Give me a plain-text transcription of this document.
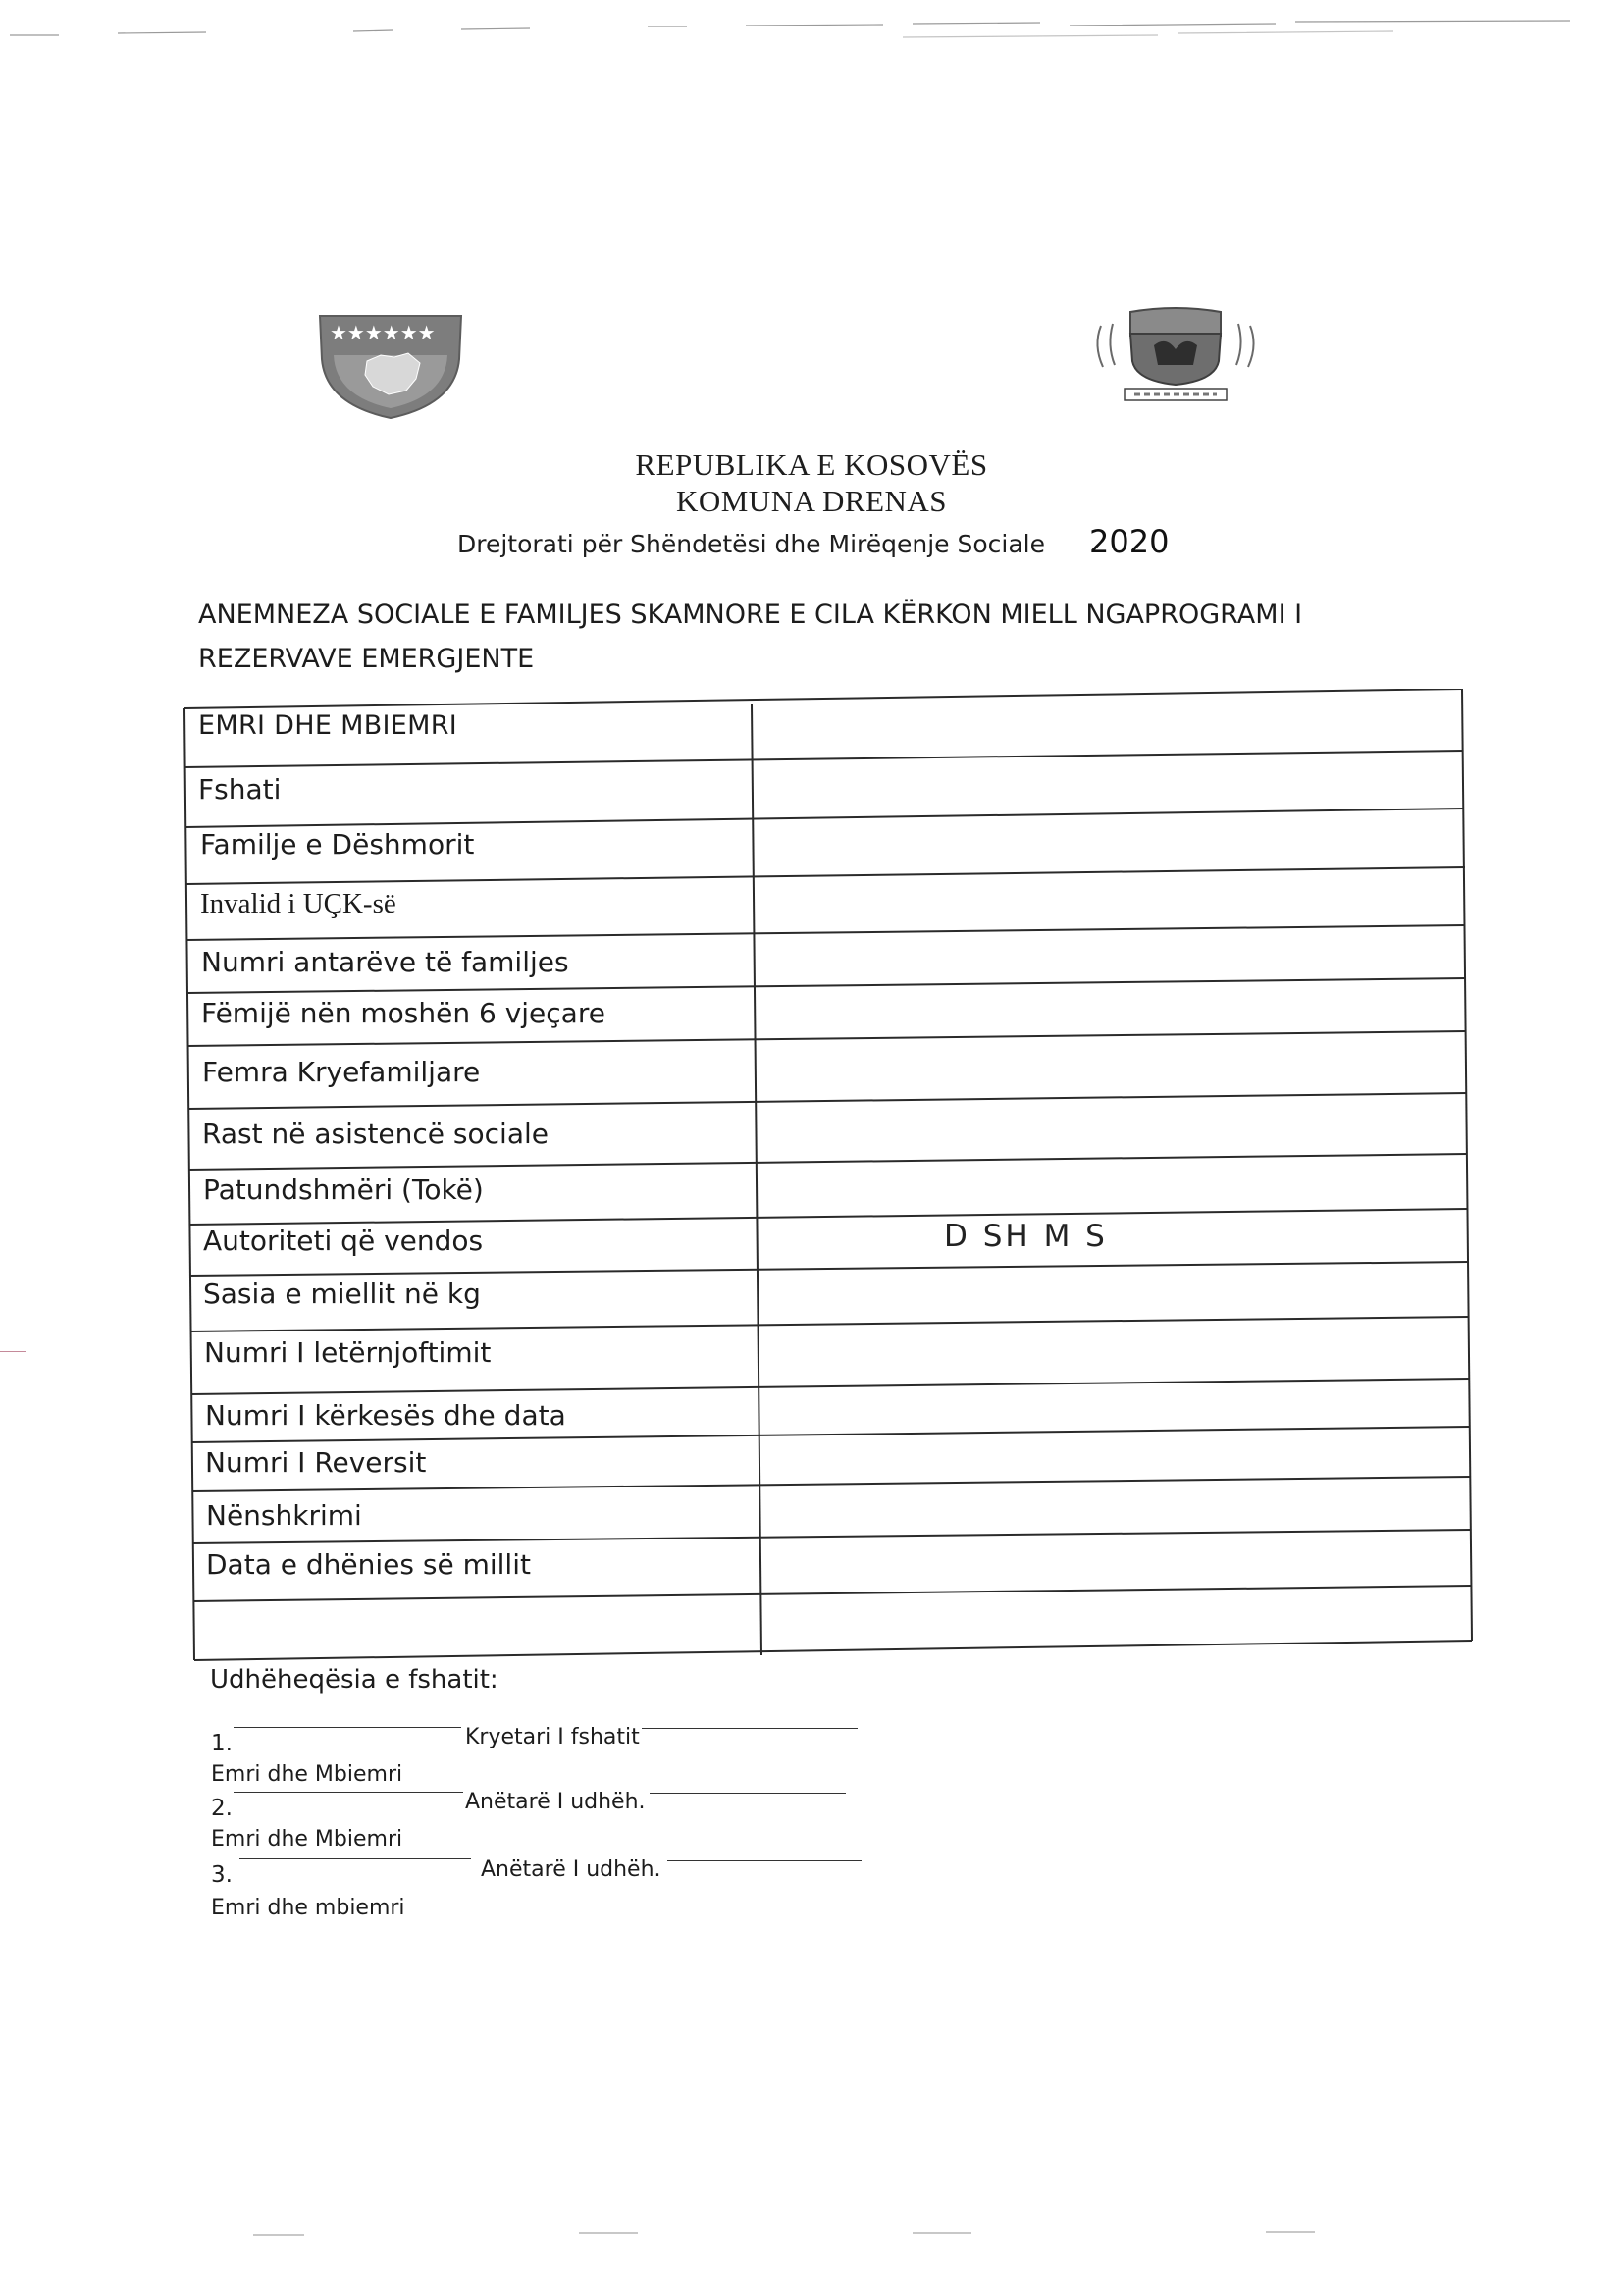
★★★★★★
REPUBLIKA E KOSOVËS
KOMUNA DRENAS
Drejtorati për Shëndetësi dhe Mirëqenje Sociale 2020
ANEMNEZA SOCIALE E FAMILJES SKAMNORE E CILA KËRKON MIELL NGAPROGRAMI I
REZERVAVE EMERGJENTE
EMRI DHE MBIEMRI
Fshati
Familje e Dëshmorit
Invalid i UÇK-së
Numri antarëve të familjes
Fëmijë nën moshën 6 vjeçare
Femra Kryefamiljare
Rast në asistencë sociale
Patundshmëri (Tokë)
Autoriteti që vendos	D SH M S
Sasia e miellit në kg
Numri I letërnjoftimit
Numri I kërkesës dhe data
Numri I Reversit
Nënshkrimi
Data e dhënies së millit
Udhëheqësia e fshatit:
1.	Kryetari I fshatit
Emri dhe Mbiemri
2.	Anëtarë I udhëh.
Emri dhe Mbiemri
3.	Anëtarë I udhëh.
Emri dhe mbiemri
